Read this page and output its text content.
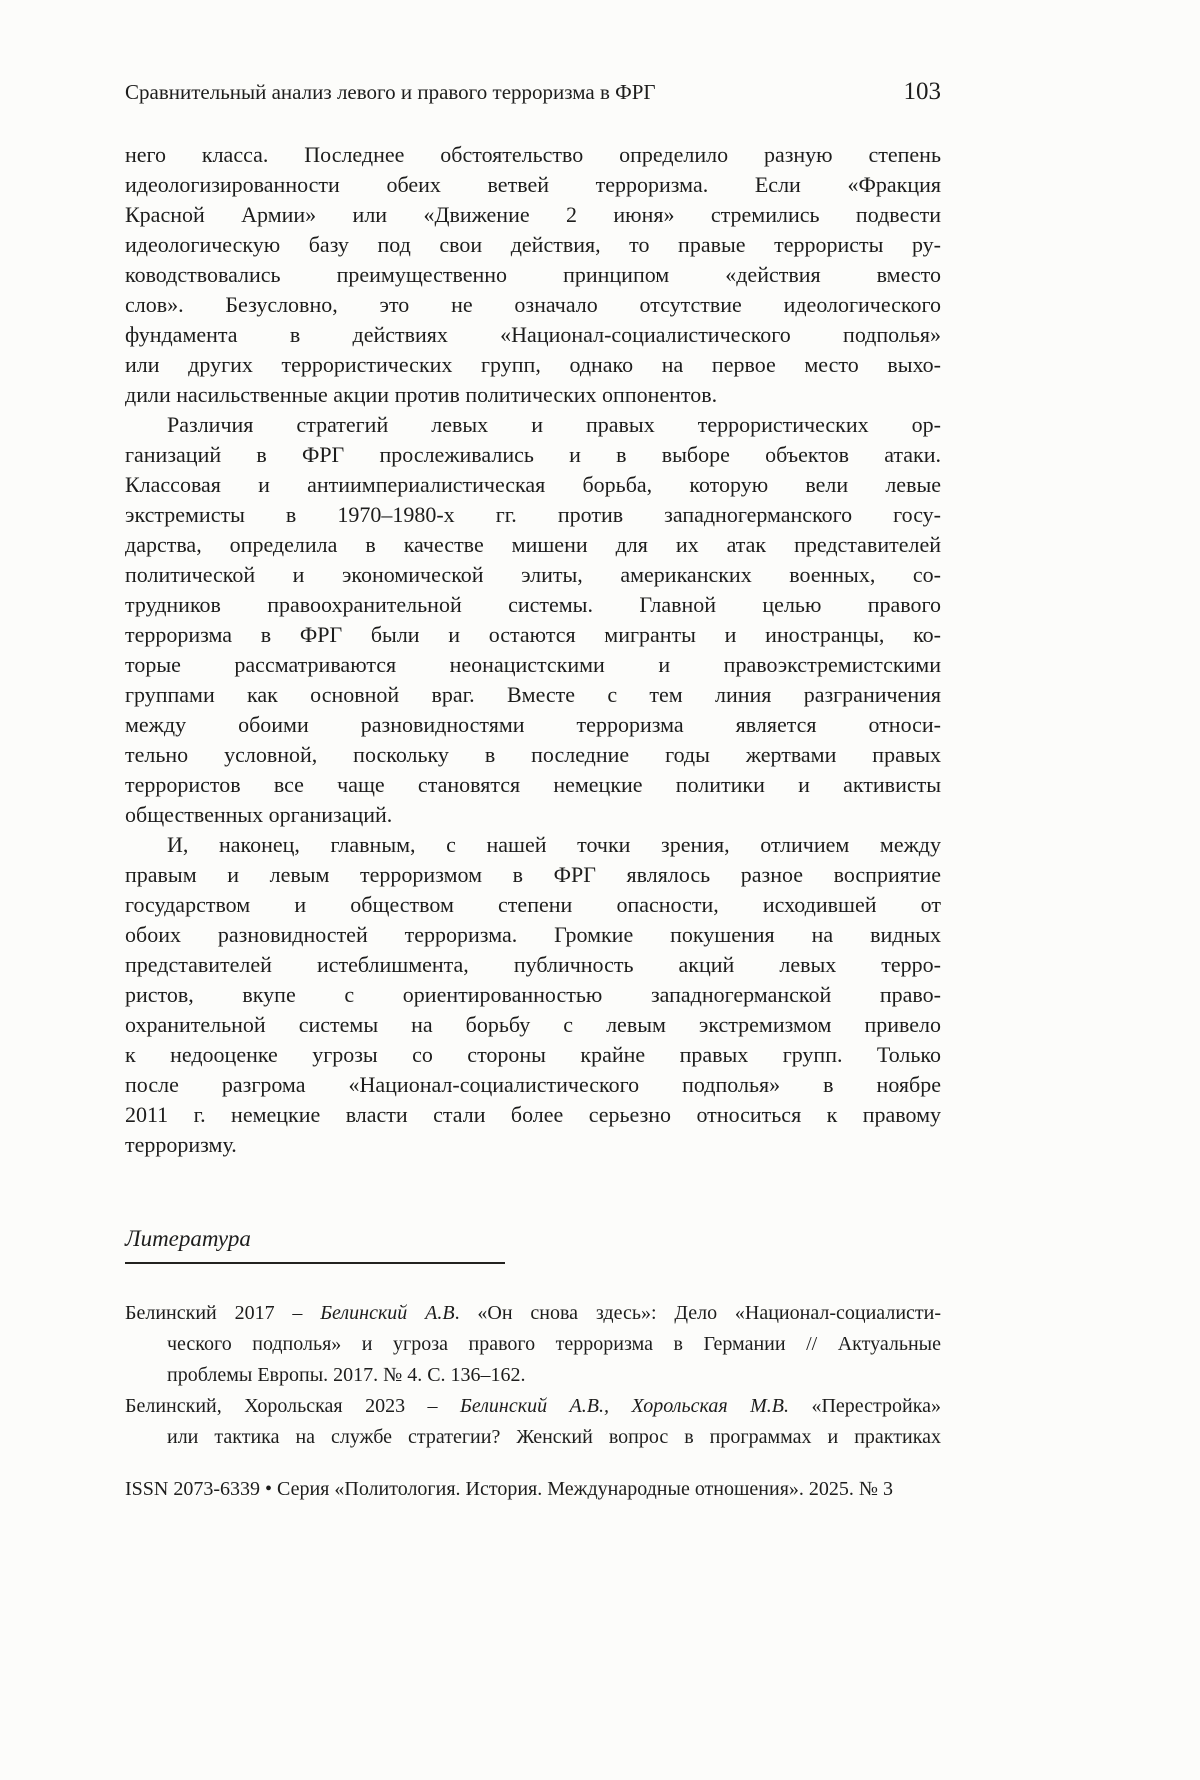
Сравнительный анализ левого и правого терроризма в ФРГ	103
него класса. Последнее обстоятельство определило разную степень
идеологизированности обеих ветвей терроризма. Если «Фракция
Красной Армии» или «Движение 2 июня» стремились подвести
идеологическую базу под свои действия, то правые террористы ру-
ководствовались преимущественно принципом «действия вместо
слов». Безусловно, это не означало отсутствие идеологического
фундамента в действиях «Национал-социалистического подполья»
или других террористических групп, однако на первое место выхо-
дили насильственные акции против политических оппонентов.
Различия стратегий левых и правых террористических ор-
ганизаций в ФРГ прослеживались и в выборе объектов атаки.
Классовая и антиимпериалистическая борьба, которую вели левые
экстремисты в 1970–1980-х гг. против западногерманского госу-
дарства, определила в качестве мишени для их атак представителей
политической и экономической элиты, американских военных, со-
трудников правоохранительной системы. Главной целью правого
терроризма в ФРГ были и остаются мигранты и иностранцы, ко-
торые рассматриваются неонацистскими и правоэкстремистскими
группами как основной враг. Вместе с тем линия разграничения
между обоими разновидностями терроризма является относи-
тельно условной, поскольку в последние годы жертвами правых
террористов все чаще становятся немецкие политики и активисты
общественных организаций.
И, наконец, главным, с нашей точки зрения, отличием между
правым и левым терроризмом в ФРГ являлось разное восприятие
государством и обществом степени опасности, исходившей от
обоих разновидностей терроризма. Громкие покушения на видных
представителей истеблишмента, публичность акций левых терро-
ристов, вкупе с ориентированностью западногерманской право-
охранительной системы на борьбу с левым экстремизмом привело
к недооценке угрозы со стороны крайне правых групп. Только
после разгрома «Национал-социалистического подполья» в ноябре
2011 г. немецкие власти стали более серьезно относиться к правому
терроризму.
Литература
Белинский 2017 – Белинский А.В. «Он снова здесь»: Дело «Национал-социалисти-
ческого подполья» и угроза правого терроризма в Германии // Актуальные
проблемы Европы. 2017. № 4. С. 136–162.
Белинский, Хорольская 2023 – Белинский А.В., Хорольская М.В. «Перестройка»
или тактика на службе стратегии? Женский вопрос в программах и практиках
ISSN 2073-6339 • Серия «Политология. История. Международные отношения». 2025. № 3
